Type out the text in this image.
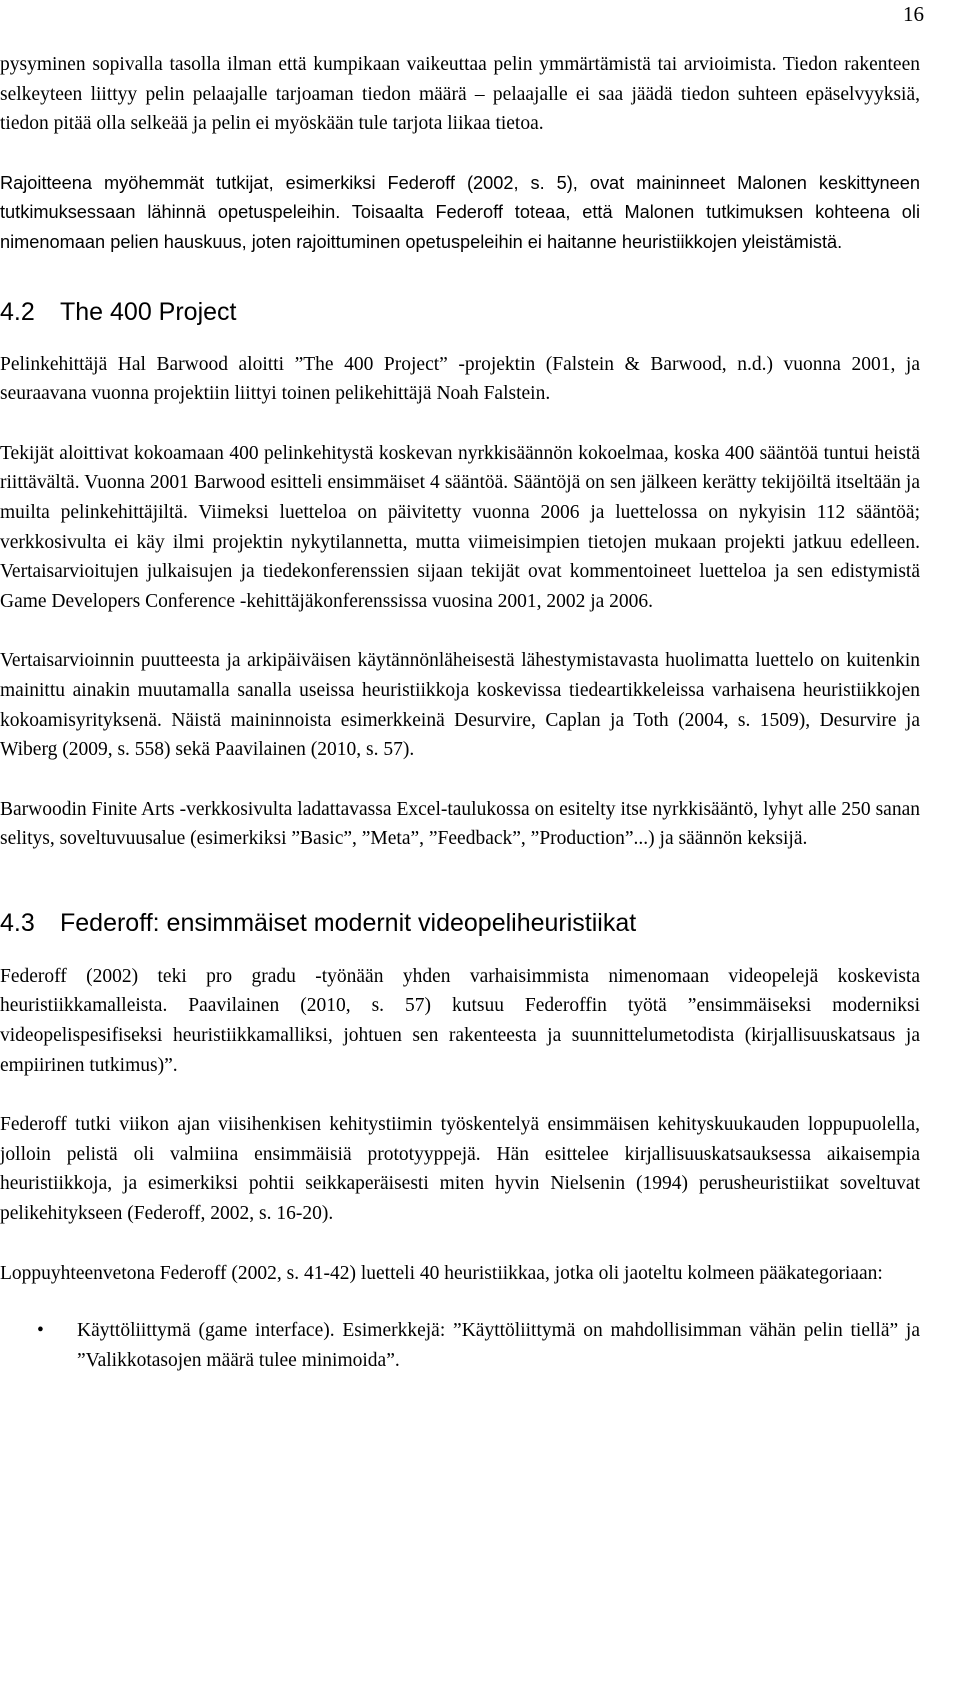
16

pysyminen sopivalla tasolla ilman että kumpikaan vaikeuttaa pelin ymmärtämistä tai arvioimista. Tiedon rakenteen selkeyteen liittyy pelin pelaajalle tarjoaman tiedon määrä – pelaajalle ei saa jäädä tiedon suhteen epäselvyyksiä, tiedon pitää olla selkeää ja pelin ei myöskään tule tarjota liikaa tietoa.

Rajoitteena myöhemmät tutkijat, esimerkiksi Federoff (2002, s. 5), ovat maininneet Malonen keskittyneen tutkimuksessaan lähinnä opetuspeleihin. Toisaalta Federoff toteaa, että Malonen tutkimuksen kohteena oli nimenomaan pelien hauskuus, joten rajoittuminen opetuspeleihin ei haitanne heuristiikkojen yleistämistä.

4.2 The 400 Project

Pelinkehittäjä Hal Barwood aloitti ”The 400 Project” -projektin (Falstein & Barwood, n.d.) vuonna 2001, ja seuraavana vuonna projektiin liittyi toinen pelikehittäjä Noah Falstein.

Tekijät aloittivat kokoamaan 400 pelinkehitystä koskevan nyrkkisäännön kokoelmaa, koska 400 sääntöä tuntui heistä riittävältä. Vuonna 2001 Barwood esitteli ensimmäiset 4 sääntöä. Sääntöjä on sen jälkeen kerätty tekijöiltä itseltään ja muilta pelinkehittäjiltä. Viimeksi luetteloa on päivitetty vuonna 2006 ja luettelossa on nykyisin 112 sääntöä; verkkosivulta ei käy ilmi projektin nykytilannetta, mutta viimeisimpien tietojen mukaan projekti jatkuu edelleen. Vertaisarvioitujen julkaisujen ja tiedekonferenssien sijaan tekijät ovat kommentoineet luetteloa ja sen edistymistä Game Developers Conference -kehittäjäkonferenssissa vuosina 2001, 2002 ja 2006.

Vertaisarvioinnin puutteesta ja arkipäiväisen käytännönläheisestä lähestymistavasta huolimatta luettelo on kuitenkin mainittu ainakin muutamalla sanalla useissa heuristiikkoja koskevissa tiedeartikkeleissa varhaisena heuristiikkojen kokoamisyrityksenä. Näistä maininnoista esimerkkeinä Desurvire, Caplan ja Toth (2004, s. 1509), Desurvire ja Wiberg (2009, s. 558) sekä Paavilainen (2010, s. 57).

Barwoodin Finite Arts -verkkosivulta ladattavassa Excel-taulukossa on esitelty itse nyrkkisääntö, lyhyt alle 250 sanan selitys, soveltuvuusalue (esimerkiksi ”Basic”, ”Meta”, ”Feedback”, ”Production”...) ja säännön keksijä.

4.3 Federoff: ensimmäiset modernit videopeliheuristiikat

Federoff (2002) teki pro gradu -työnään yhden varhaisimmista nimenomaan videopelejä koskevista heuristiikkamalleista. Paavilainen (2010, s. 57) kutsuu Federoffin työtä ”ensimmäiseksi moderniksi videopelispesifiseksi heuristiikkamalliksi, johtuen sen rakenteesta ja suunnittelumetodista (kirjallisuuskatsaus ja empiirinen tutkimus)”.

Federoff tutki viikon ajan viisihenkisen kehitystiimin työskentelyä ensimmäisen kehityskuukauden loppupuolella, jolloin pelistä oli valmiina ensimmäisiä prototyyppejä. Hän esittelee kirjallisuuskatsauksessa aikaisempia heuristiikkoja, ja esimerkiksi pohtii seikkaperäisesti miten hyvin Nielsenin (1994) perusheuristiikat soveltuvat pelikehitykseen (Federoff, 2002, s. 16-20).

Loppuyhteenvetona Federoff (2002, s. 41-42) luetteli 40 heuristiikkaa, jotka oli jaoteltu kolmeen pääkategoriaan:

• Käyttöliittymä (game interface). Esimerkkejä: ”Käyttöliittymä on mahdollisimman vähän pelin tiellä” ja ”Valikkotasojen määrä tulee minimoida”.
